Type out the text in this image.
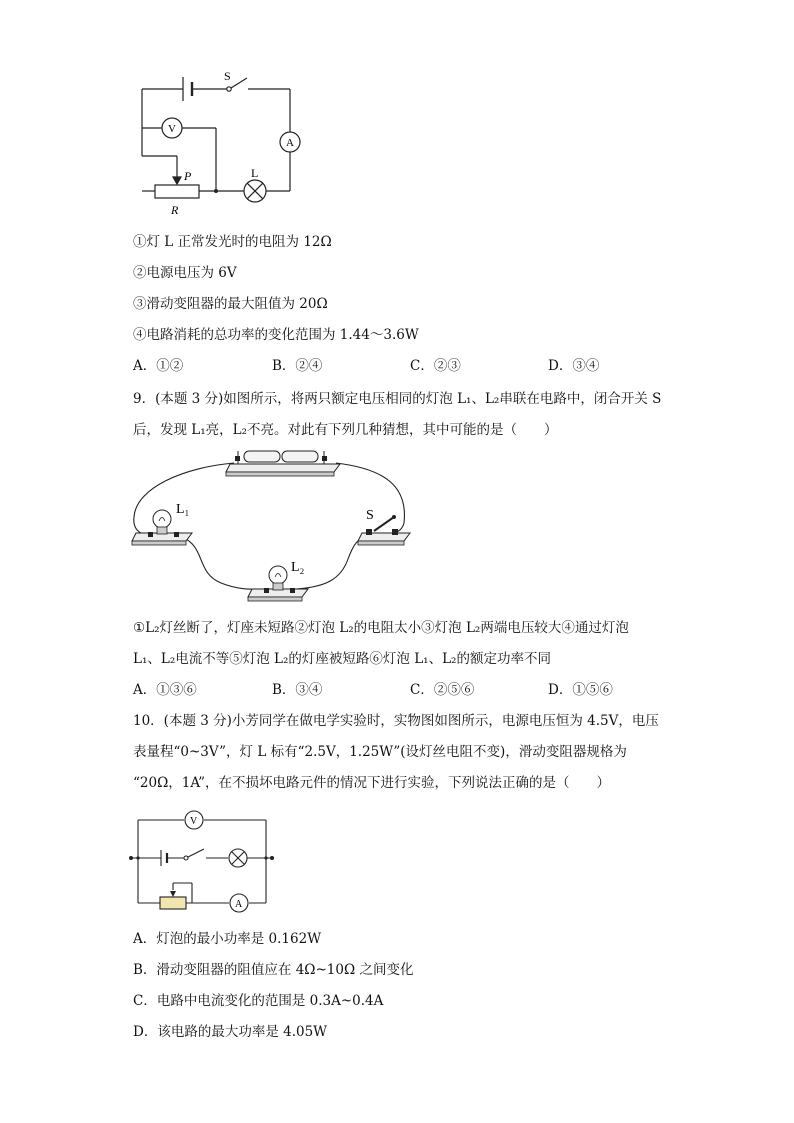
S
V
A
L
P
R
①灯 L 正常发光时的电阻为 12Ω
②电源电压为 6V
③滑动变阻器的最大阻值为 20Ω
④电路消耗的总功率的变化范围为 1.44～3.6W
A．①②	B．②④	C．②③	D．③④
9．(本题 3 分)如图所示，将两只额定电压相同的灯泡 L₁、L₂串联在电路中，闭合开关 S
后，发现 L₁亮，L₂不亮。对此有下列几种猜想，其中可能的是（　　）
L₁
L₂
S
①L₂灯丝断了，灯座未短路②灯泡 L₂的电阻太小③灯泡 L₂两端电压较大④通过灯泡
L₁、L₂电流不等⑤灯泡 L₂的灯座被短路⑥灯泡 L₁、L₂的额定功率不同
A．①③⑥	B．③④	C．②⑤⑥	D．①⑤⑥
10．(本题 3 分)小芳同学在做电学实验时，实物图如图所示，电源电压恒为 4.5V，电压
表量程“0~3V”，灯 L 标有“2.5V，1.25W”(设灯丝电阻不变)，滑动变阻器规格为
“20Ω，1A”，在不损坏电路元件的情况下进行实验，下列说法正确的是（　　）
V
A
A．灯泡的最小功率是 0.162W
B．滑动变阻器的阻值应在 4Ω~10Ω 之间变化
C．电路中电流变化的范围是 0.3A~0.4A
D．该电路的最大功率是 4.05W
